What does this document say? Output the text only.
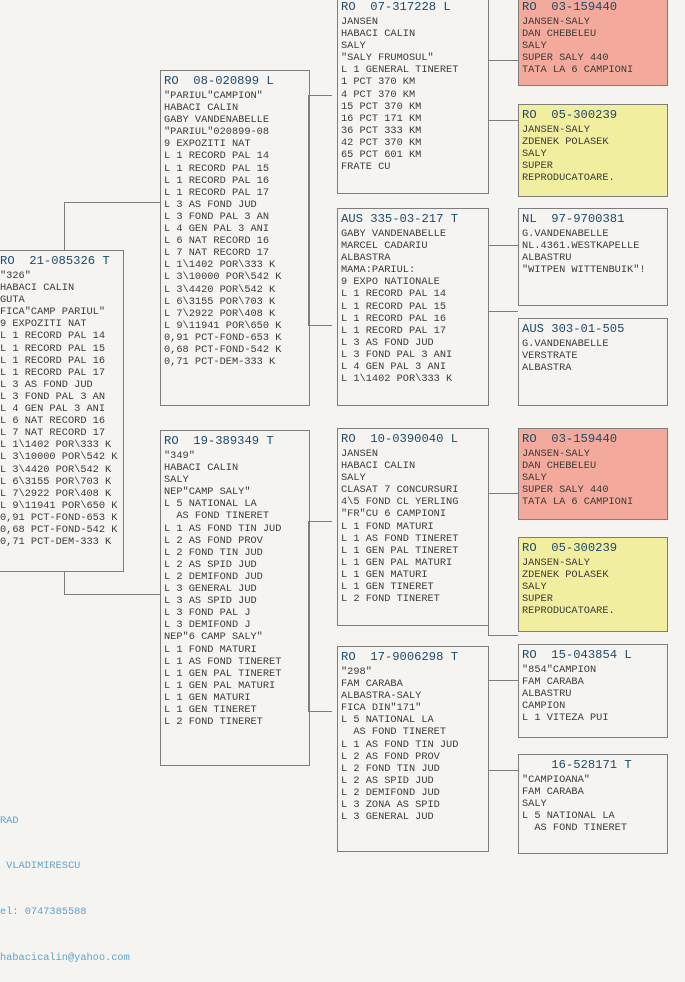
RO  21-085326 T
"326"
HABACI CALIN
GUTA
FICA"CAMP PARIUL"
9 EXPOZITI NAT
L 1 RECORD PAL 14
L 1 RECORD PAL 15
L 1 RECORD PAL 16
L 1 RECORD PAL 17
L 3 AS FOND JUD
L 3 FOND PAL 3 AN
L 4 GEN PAL 3 ANI
L 6 NAT RECORD 16
L 7 NAT RECORD 17
L 1\1402 POR\333 K
L 3\10000 POR\542 K
L 3\4420 POR\542 K
L 6\3155 POR\703 K
L 7\2922 POR\408 K
L 9\11941 POR\650 K
0,91 PCT-FOND-653 K
0,68 PCT-FOND-542 K
0,71 PCT-DEM-333 K
RO  08-020899 L
"PARIUL"CAMPION"
HABACI CALIN
GABY VANDENABELLE
"PARIUL"020899-08
9 EXPOZITI NAT
L 1 RECORD PAL 14
L 1 RECORD PAL 15
L 1 RECORD PAL 16
L 1 RECORD PAL 17
L 3 AS FOND JUD
L 3 FOND PAL 3 AN
L 4 GEN PAL 3 ANI
L 6 NAT RECORD 16
L 7 NAT RECORD 17
L 1\1402 POR\333 K
L 3\10000 POR\542 K
L 3\4420 POR\542 K
L 6\3155 POR\703 K
L 7\2922 POR\408 K
L 9\11941 POR\650 K
0,91 PCT-FOND-653 K
0,68 PCT-FOND-542 K
0,71 PCT-DEM-333 K
RO  19-389349 T
"349"
HABACI CALIN
SALY
NEP"CAMP SALY"
L 5 NATIONAL LA
AS FOND TINERET
L 1 AS FOND TIN JUD
L 2 AS FOND PROV
L 2 FOND TIN JUD
L 2 AS SPID JUD
L 2 DEMIFOND JUD
L 3 GENERAL JUD
L 3 AS SPID JUD
L 3 FOND PAL J
L 3 DEMIFOND J
NEP"6 CAMP SALY"
L 1 FOND MATURI
L 1 AS FOND TINERET
L 1 GEN PAL TINERET
L 1 GEN PAL MATURI
L 1 GEN MATURI
L 1 GEN TINERET
L 2 FOND TINERET
RO  07-317228 L
JANSEN
HABACI CALIN
SALY
"SALY FRUMOSUL"
L 1 GENERAL TINERET
1 PCT 370 KM
4 PCT 370 KM
15 PCT 370 KM
16 PCT 171 KM
36 PCT 333 KM
42 PCT 370 KM
65 PCT 601 KM
FRATE CU
AUS 335-03-217 T
GABY VANDENABELLE
MARCEL CADARIU
ALBASTRA
MAMA:PARIUL:
9 EXPO NATIONALE
L 1 RECORD PAL 14
L 1 RECORD PAL 15
L 1 RECORD PAL 16
L 1 RECORD PAL 17
L 3 AS FOND JUD
L 3 FOND PAL 3 ANI
L 4 GEN PAL 3 ANI
L 1\1402 POR\333 K
RO  10-0390040 L
JANSEN
HABACI CALIN
SALY
CLASAT 7 CONCURSURI
4\5 FOND CL YERLING
"FR"CU 6 CAMPIONI
L 1 FOND MATURI
L 1 AS FOND TINERET
L 1 GEN PAL TINERET
L 1 GEN PAL MATURI
L 1 GEN MATURI
L 1 GEN TINERET
L 2 FOND TINERET
RO  17-9006298 T
"298"
FAM CARABA
ALBASTRA-SALY
FICA DIN"171"
L 5 NATIONAL LA
AS FOND TINERET
L 1 AS FOND TIN JUD
L 2 AS FOND PROV
L 2 FOND TIN JUD
L 2 AS SPID JUD
L 2 DEMIFOND JUD
L 3 ZONA AS SPID
L 3 GENERAL JUD
RO  03-159440
JANSEN-SALY
DAN CHEBELEU
SALY
SUPER SALY 440
TATA LA 6 CAMPIONI
RO  05-300239
JANSEN-SALY
ZDENEK POLASEK
SALY
SUPER
REPRODUCATOARE.
NL  97-9700381
G.VANDENABELLE
NL.4361.WESTKAPELLE
ALBASTRU
"WITPEN WITTENBUIK"!
AUS 303-01-505
G.VANDENABELLE
VERSTRATE
ALBASTRA
RO  03-159440
JANSEN-SALY
DAN CHEBELEU
SALY
SUPER SALY 440
TATA LA 6 CAMPIONI
RO  05-300239
JANSEN-SALY
ZDENEK POLASEK
SALY
SUPER
REPRODUCATOARE.
RO  15-043854 L
"854"CAMPION
FAM CARABA
ALBASTRU
CAMPION
L 1 VITEZA PUI
16-528171 T
"CAMPIOANA"
FAM CARABA
SALY
L 5 NATIONAL LA
AS FOND TINERET

RAD

VLADIMIRESCU

el: 0747385588

habacicalin@yahoo.com
